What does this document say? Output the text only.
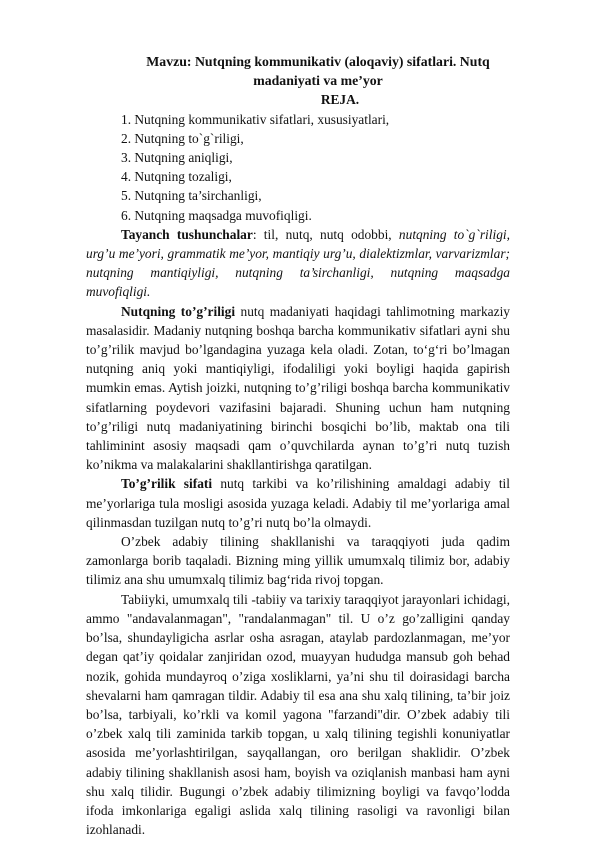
Mavzu: Nutqning kommunikativ (aloqaviy) sifatlari. Nutq madaniyati va me’yor
REJA.
1. Nutqning kommunikativ sifatlari, xususiyatlari,
2. Nutqning to`g`riligi,
3. Nutqning aniqligi,
4. Nutqning tozaligi,
5. Nutqning ta’sirchanligi,
6. Nutqning maqsadga muvofiqligi.

Tayanch tushunchalar: til, nutq, nutq odobbi, nutqning to`g`riligi, urg’u me’yori, grammatik me’yor, mantiqiy urg’u, dialektizmlar, varvarizmlar; nutqning mantiqiyligi, nutqning ta’sirchanligi, nutqning maqsadga muvofiqligi.

Nutqning to’g’riligi nutq madaniyati haqidagi tahlimotning markaziy masalasidir. Madaniy nutqning boshqa barcha kommunikativ sifatlari ayni shu to’g’rilik mavjud bo’lgandagina yuzaga kela oladi. Zotan, to‘g‘ri bo’lmagan nutqning aniq yoki mantiqiyligi, ifodaliligi yoki boyligi haqida gapirish mumkin emas. Aytish joizki, nutqning to’g’riligi boshqa barcha kommunikativ sifatlarning poydevori vazifasini bajaradi. Shuning uchun ham nutqning to’g’riligi nutq madaniyatining birinchi bosqichi bo’lib, maktab ona tili tahliminint asosiy maqsadi qam o’quvchilarda aynan to’g’ri nutq tuzish ko’nikma va malakalarini shakllantirishga qaratilgan.

To’g’rilik sifati nutq tarkibi va ko’rilishining amaldagi adabiy til me’yorlariga tula mosligi asosida yuzaga keladi. Adabiy til me’yorlariga amal qilinmasdan tuzilgan nutq to’g’ri nutq bo’la olmaydi.

O’zbek adabiy tilining shakllanishi va taraqqiyoti juda qadim zamonlarga borib taqaladi. Bizning ming yillik umumxalq tilimiz bor, adabiy tilimiz ana shu umumxalq tilimiz bag‘rida rivoj topgan.

Tabiiyki, umumxalq tili -tabiiy va tarixiy taraqqiyot jarayonlari ichidagi, ammo "andavalanmagan", "randalanmagan" til. U o’z go’zalligini qanday bo’lsa, shundayligicha asrlar osha asragan, ataylab pardozlanmagan, me’yor degan qat’iy qoidalar zanjiridan ozod, muayyan hududga mansub goh behad nozik, gohida mundayroq o’ziga xosliklarni, ya’ni shu til doirasidagi barcha shevalarni ham qamragan tildir. Adabiy til esa ana shu xalq tilining, ta’bir joiz bo’lsa, tarbiyali, ko’rkli va komil yagona "farzandi"dir. O’zbek adabiy tili o’zbek xalq tili zaminida tarkib topgan, u xalq tilining tegishli konuniyatlar asosida me’yorlashtirilgan, sayqallangan, oro berilgan shaklidir. O’zbek adabiy tilining shakllanish asosi ham, boyish va oziqlanish manbasi ham ayni shu xalq tilidir. Bugungi o’zbek adabiy tilimizning boyligi va favqo’lodda ifoda imkonlariga egaligi aslida xalq tilining rasoligi va ravonligi bilan izohlanadi.
